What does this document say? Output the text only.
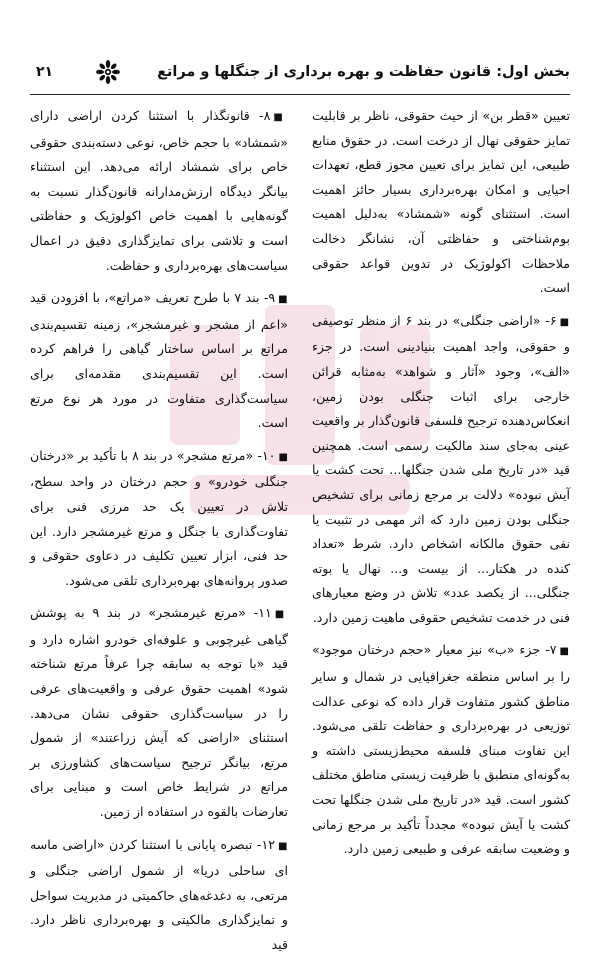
بخش اول: قانون حفاظت و بهره برداری از جنگلها و مراتع
۲۱

تعیین «قطر بن» از حیث حقوقی، ناظر بر قابلیت تمایز حقوقی نهال از درخت است. در حقوق منابع طبیعی، این تمایز برای تعیین مجوز قطع، تعهدات احیایی و امکان بهره‌برداری بسیار حائز اهمیت است. استثنای گونه «شمشاد» به‌دلیل اهمیت بوم‌شناختی و حفاظتی آن، نشانگر دخالت ملاحظات اکولوژیک در تدوین قواعد حقوقی است.

■۶- «اراضی جنگلی» در بند ۶ از منظر توصیفی و حقوقی، واجد اهمیت بنیادینی است. در جزء «الف»، وجود «آثار و شواهد» به‌مثابه قرائن خارجی برای اثبات جنگلی بودن زمین، انعکاس‌دهنده ترجیح فلسفی قانون‌گذار بر واقعیت عینی به‌جای سند مالکیت رسمی است. همچنین قید «در تاریخ ملی شدن جنگلها... تحت کشت یا آیش نبوده» دلالت بر مرجع زمانی برای تشخیص جنگلی بودن زمین دارد که اثر مهمی در تثبیت یا نفی حقوق مالکانه اشخاص دارد. شرط «تعداد کنده در هکتار... از بیست و... نهال یا بوته جنگلی... از یکصد عدد» تلاش در وضع معیارهای فنی در خدمت تشخیص حقوقی ماهیت زمین دارد.

■۷- جزء «ب» نیز معیار «حجم درختان موجود» را بر اساس منطقه جغرافیایی در شمال و سایر مناطق کشور متفاوت قرار داده که نوعی عدالت توزیعی در بهره‌برداری و حفاظت تلقی می‌شود. این تفاوت مبنای فلسفه محیط‌زیستی داشته و به‌گونه‌ای منطبق با ظرفیت زیستی مناطق مختلف کشور است. قید «در تاریخ ملی شدن جنگلها تحت کشت یا آیش نبوده» مجدداً تأکید بر مرجع زمانی و وضعیت سابقه عرفی و طبیعی زمین دارد.

■۸- قانونگذار با استثنا کردن اراضی دارای «شمشاد» با حجم خاص، نوعی دسته‌بندی حقوقی خاص برای شمشاد ارائه می‌دهد. این استثناء بیانگر دیدگاه ارزش‌مدارانه قانون‌گذار نسبت به گونه‌هایی با اهمیت خاص اکولوژیک و حفاظتی است و تلاشی برای تمایزگذاری دقیق در اعمال سیاست‌های بهره‌برداری و حفاظت.

■۹- بند ۷ با طرح تعریف «مراتع»، با افزودن قید «اعم از مشجر و غیرمشجر»، زمینه تقسیم‌بندی مراتع بر اساس ساختار گیاهی را فراهم کرده است. این تقسیم‌بندی مقدمه‌ای برای سیاست‌گذاری متفاوت در مورد هر نوع مرتع است.

■۱۰- «مرتع مشجر» در بند ۸ با تأکید بر «درختان جنگلی خودرو» و حجم درختان در واحد سطح، تلاش در تعیین یک حد مرزی فنی برای تفاوت‌گذاری با جنگل و مرتع غیرمشجر دارد. این حد فنی، ابزار تعیین تکلیف در دعاوی حقوقی و صدور پروانه‌های بهره‌برداری تلقی می‌شود.

■۱۱- «مرتع غیرمشجر» در بند ۹ به پوشش گیاهی غیرچوبی و علوفه‌ای خودرو اشاره دارد و قید «با توجه به سابقه چرا عرفاً مرتع شناخته شود» اهمیت حقوق عرفی و واقعیت‌های عرفی را در سیاست‌گذاری حقوقی نشان می‌دهد. استثنای «اراضی که آیش زراعتند» از شمول مرتع، بیانگر ترجیح سیاست‌های کشاورزی بر مراتع در شرایط خاص است و مبنایی برای تعارضات بالقوه در استفاده از زمین.

■۱۲- تبصره پایانی با استثنا کردن «اراضی ماسه ای ساحلی دریا» از شمول اراضی جنگلی و مرتعی، به دغدغه‌های حاکمیتی در مدیریت سواحل و تمایزگذاری مالکیتی و بهره‌برداری ناظر دارد. قید
